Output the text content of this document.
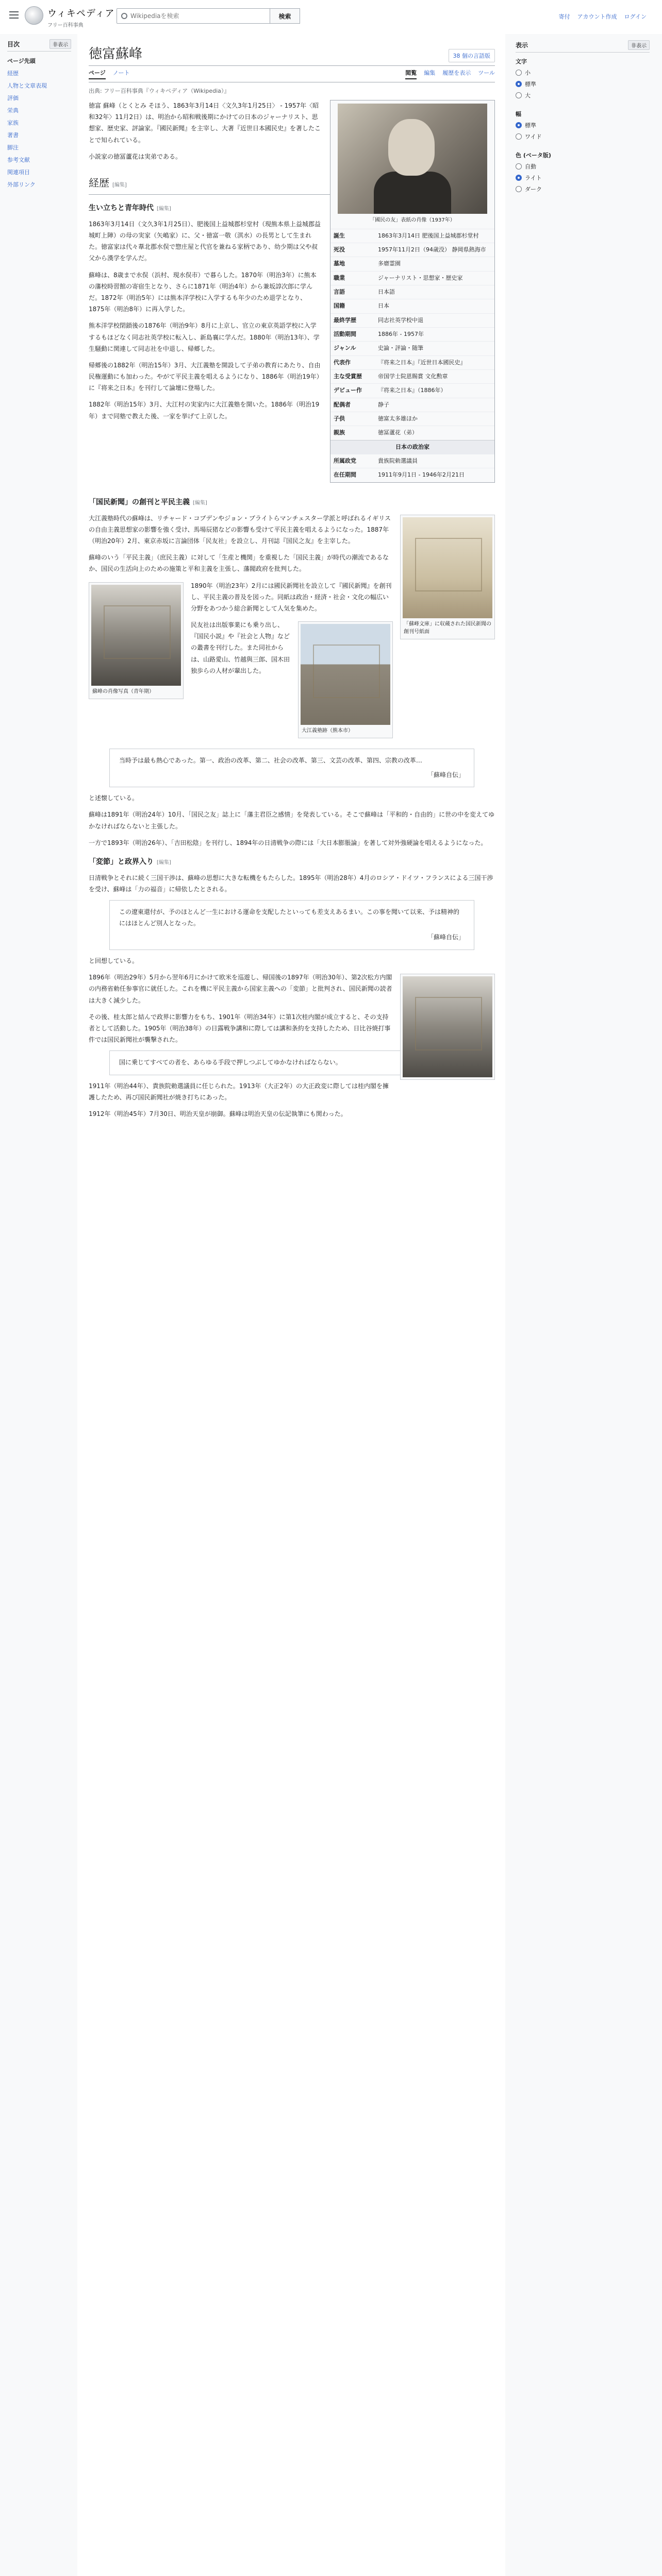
ウィキペディア
フリー百科事典
Wikipediaを検索
検索	寄付 アカウント作成 ログイン
目次	非表示
ページ先頭
経歴
人物と文章表現
評価
栄典
家族
著書
脚注
参考文献
関連項目
外部リンク
徳富蘇峰	38 個の言語版
ページ ノート	閲覧 編集 履歴を表示 ツール
出典: フリー百科事典『ウィキペディア（Wikipedia）』
「國民の友」表紙の肖像（1937年）
誕生	1863年3月14日 肥後国上益城郡杉堂村
死没	1957年11月2日（94歳没） 静岡県熱海市
墓地	多磨霊園
職業	ジャーナリスト・思想家・歴史家
言語	日本語
国籍	日本
最終学歴	同志社英学校中退
活動期間	1886年 - 1957年
ジャンル	史論・評論・随筆
代表作	『将来之日本』『近世日本國民史』
主な受賞歴	帝国学士院恩賜賞 文化勲章
デビュー作	『将来之日本』（1886年）
配偶者	静子
子供	徳富太多雄ほか
親族	徳冨蘆花（弟）
日本の政治家
所属政党	貴族院勅選議員
在任期間	1911年9月1日 - 1946年2月21日

徳富 蘇峰（とくとみ そほう、1863年3月14日〈文久3年1月25日〉 - 1957年〈昭和32年〉11月2日）は、明治から昭和戦後期にかけての日本のジャーナリスト、思想家、歴史家、評論家。『國民新聞』を主宰し、大著『近世日本國民史』を著したことで知られている。

小説家の徳冨蘆花は実弟である。

経歴 [編集]
生い立ちと青年時代 [編集]

1863年3月14日（文久3年1月25日）、肥後国上益城郡杉堂村（現熊本県上益城郡益城町上陣）の母の実家（矢嶋家）に、父・徳富一敬（淇水）の長男として生まれた。徳富家は代々葦北郡水俣で惣庄屋と代官を兼ねる家柄であり、幼少期は父や叔父から漢学を学んだ。

蘇峰は、8歳まで水俣（浜村、現水俣市）で暮らした。1870年（明治3年）に熊本の藩校時習館の寄宿生となり、さらに1871年（明治4年）から兼坂諄次郎に学んだ。1872年（明治5年）には熊本洋学校に入学するも年少のため退学となり、1875年（明治8年）に再入学した。

熊本洋学校閉鎖後の1876年（明治9年）8月に上京し、官立の東京英語学校に入学するもほどなく同志社英学校に転入し、新島襄に学んだ。1880年（明治13年）、学生騒動に関連して同志社を中退し、帰郷した。

帰郷後の1882年（明治15年）3月、大江義塾を開設して子弟の教育にあたり、自由民権運動にも加わった。やがて平民主義を唱えるようになり、1886年（明治19年）に『将来之日本』を刊行して論壇に登場した。

1882年（明治15年）3月、大江村の実家内に大江義塾を開いた。1886年（明治19年）まで同塾で教えた後、一家を挙げて上京した。

「国民新聞」の創刊と平民主義 [編集]
「蘇峰文庫」に収蔵された国民新聞の創刊号紙面

大江義塾時代の蘇峰は、リチャード・コブデンやジョン・ブライトらマンチェスター学派と呼ばれるイギリスの自由主義思想家の影響を強く受け、馬場辰猪などの影響も受けて平民主義を唱えるようになった。1887年（明治20年）2月、東京赤坂に言論団体「民友社」を設立し、月刊誌『国民之友』を主宰した。

蘇峰のいう「平民主義」（庶民主義）に対して「生産と機関」を重視した「国民主義」が時代の潮流であるなか、国民の生活向上のための施策と平和主義を主張し、藩閥政府を批判した。

蘇峰の肖像写真（青年期）

1890年（明治23年）2月には國民新聞社を設立して『國民新聞』を創刊し、平民主義の普及を図った。同紙は政治・経済・社会・文化の幅広い分野をあつかう総合新聞として人気を集めた。

大江義塾跡（熊本市）

民友社は出版事業にも乗り出し、『国民小説』や『社会と人物』などの叢書を刊行した。また同社からは、山路愛山、竹越與三郎、国木田独歩らの人材が輩出した。

当時予は最も熱心であった。第一、政治の改革、第二、社会の改革、第三、文芸の改革、第四、宗教の改革…
「蘇峰自伝」

と述懐している。

蘇峰は1891年（明治24年）10月、「国民之友」誌上に「藩主君臣之感情」を発表している。そこで蘇峰は「平和的・自由的」に世の中を変えてゆかなければならないと主張した。

一方で1893年（明治26年）、「吉田松陰」を刊行し、1894年の日清戦争の際には「大日本膨脹論」を著して対外強硬論を唱えるようになった。

「変節」と政界入り [編集]

日清戦争とそれに続く三国干渉は、蘇峰の思想に大きな転機をもたらした。1895年（明治28年）4月のロシア・ドイツ・フランスによる三国干渉を受け、蘇峰は「力の福音」に帰依したとされる。

この遼東還付が、予のほとんど一生における運命を支配したといっても差支えあるまい。この事を聞いて以来、予は精神的にはほとんど別人となった。
「蘇峰自伝」

と回想している。

1896年（明治29年）5月から翌年6月にかけて欧米を巡遊し、帰国後の1897年（明治30年）、第2次松方内閣の内務省勅任参事官に就任した。これを機に平民主義から国家主義への「変節」と批判され、国民新聞の読者は大きく減少した。

その後、桂太郎と結んで政界に影響力をもち、1901年（明治34年）に第1次桂内閣が成立すると、その支持者として活動した。1905年（明治38年）の日露戦争講和に際しては講和条約を支持したため、日比谷焼打事件では国民新聞社が襲撃された。

国に乗じてすべての者を、あらゆる手段で押しつぶしてゆかなければならない。

1911年（明治44年）、貴族院勅選議員に任じられた。1913年（大正2年）の大正政変に際しては桂内閣を擁護したため、再び国民新聞社が焼き打ちにあった。

1912年（明治45年）7月30日、明治天皇が崩御。蘇峰は明治天皇の伝記執筆にも関わった。

表示	非表示
文字
小
標準
大
幅
標準
ワイド
色 (ベータ版)
自動
ライト
ダーク
